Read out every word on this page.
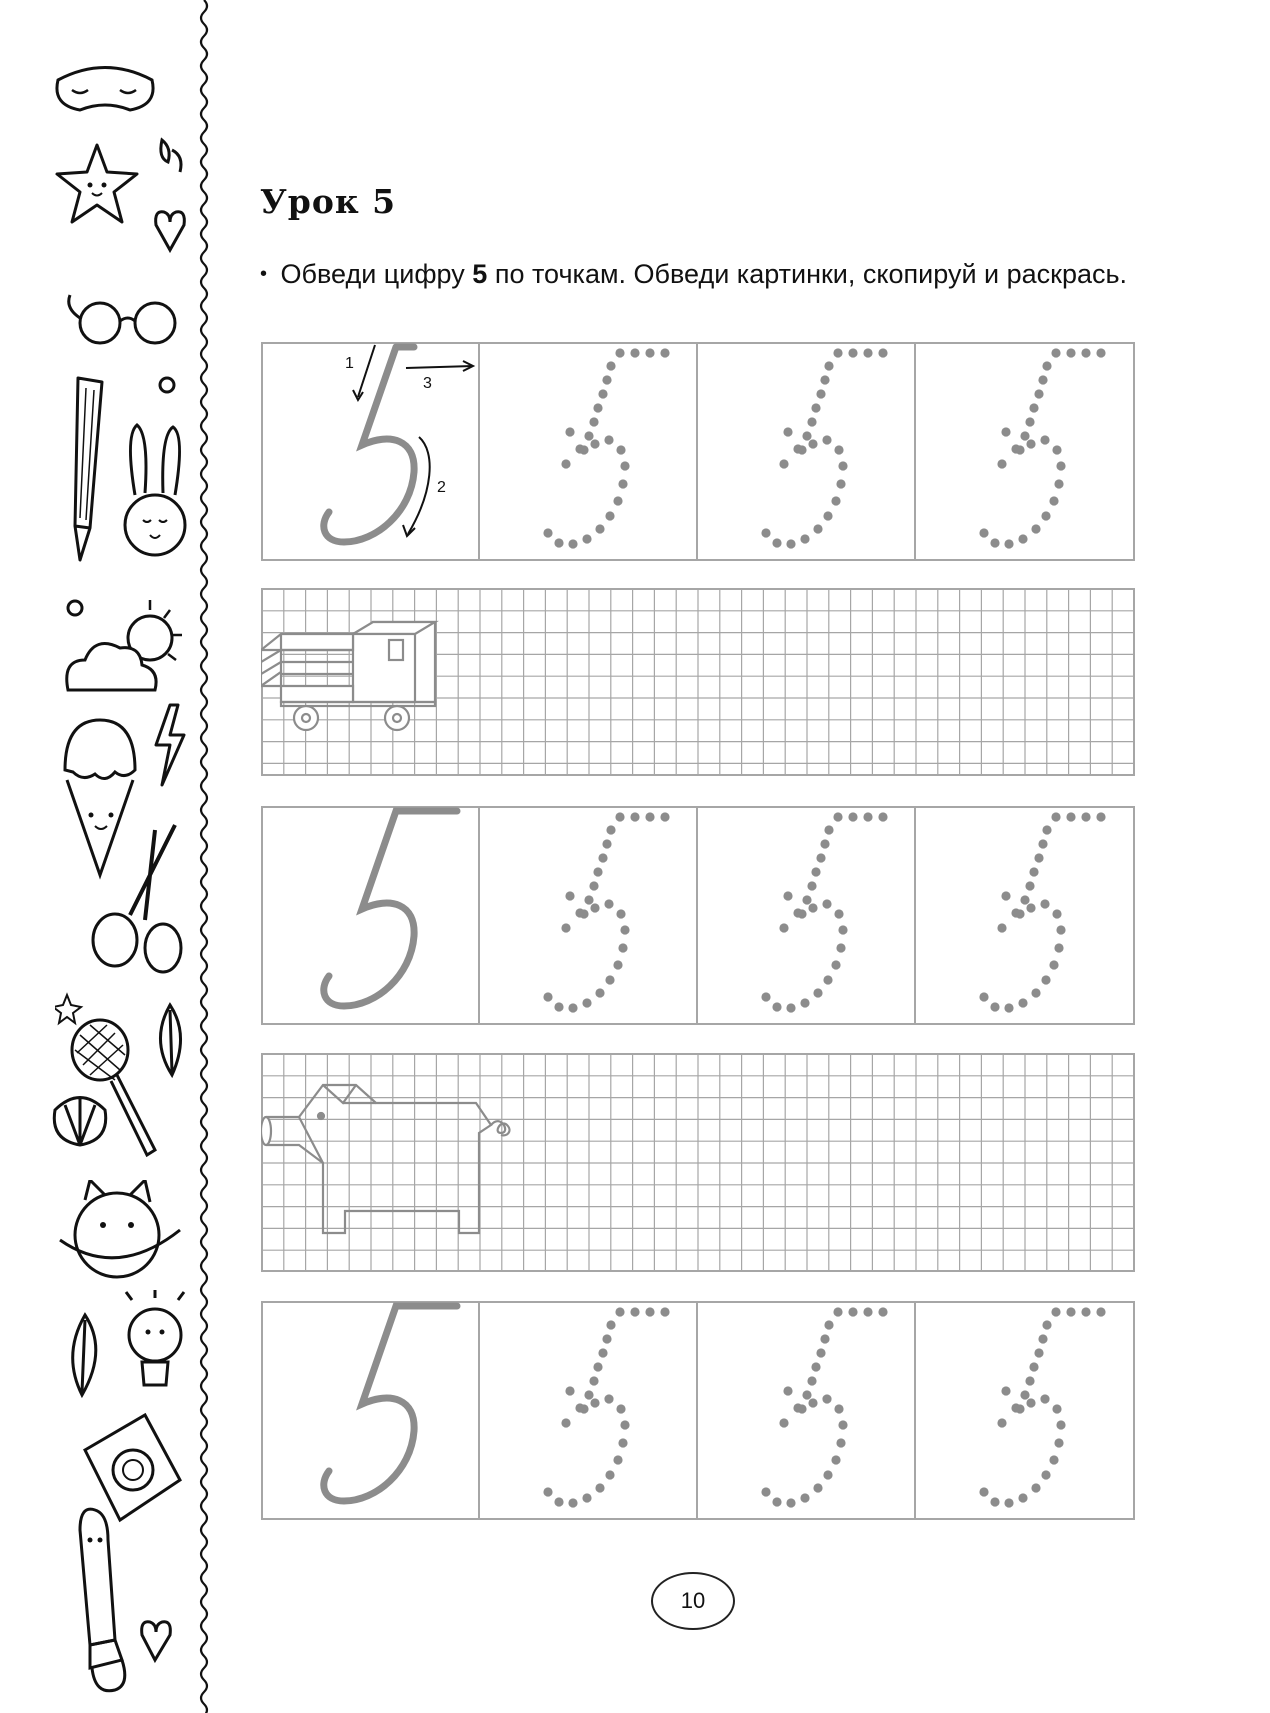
Урок 5
• Обведи цифру 5 по точкам. Обведи картинки, скопируй и раскрась.
1
2
3
10
